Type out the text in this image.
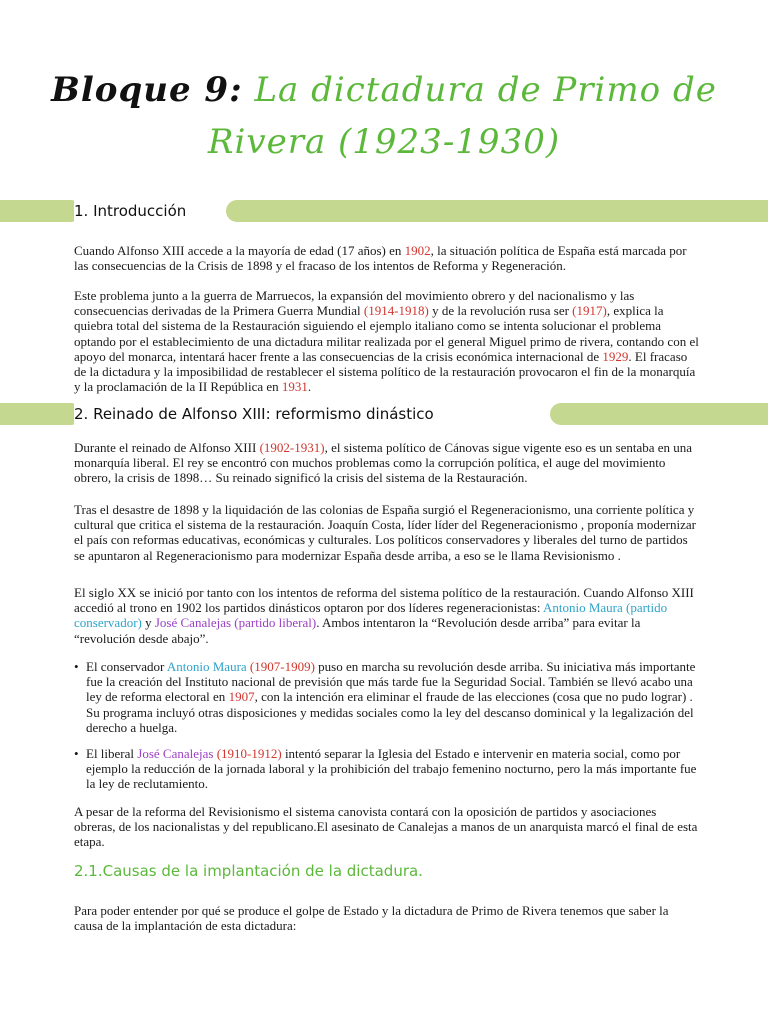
Bloque 9: La dictadura de Primo de
Rivera (1923-1930)
1. Introducción

Cuando Alfonso XIII accede a la mayoría de edad (17 años) en 1902, la situación política de España está marcada por las consecuencias de la Crisis de 1898 y el fracaso de los intentos de Reforma y Regeneración.

Este problema junto a la guerra de Marruecos, la expansión del movimiento obrero y del nacionalismo y las consecuencias derivadas de la Primera Guerra Mundial (1914-1918) y de la revolución rusa ser (1917), explica la quiebra total del sistema de la Restauración siguiendo el ejemplo italiano como se intenta solucionar el problema optando por el establecimiento de una dictadura militar realizada por el general Miguel primo de rivera, contando con el apoyo del monarca, intentará hacer frente a las consecuencias de la crisis económica internacional de 1929. El fracaso de la dictadura y la imposibilidad de restablecer el sistema político de la restauración provocaron el fin de la monarquía y la proclamación de la II República en 1931.

2. Reinado de Alfonso XIII: reformismo dinástico

Durante el reinado de Alfonso XIII (1902-1931), el sistema político de Cánovas sigue vigente eso es un sentaba en una monarquía liberal. El rey se encontró con muchos problemas como la corrupción política, el auge del movimiento obrero, la crisis de 1898… Su reinado significó la crisis del sistema de la Restauración.

Tras el desastre de 1898 y la liquidación de las colonias de España surgió el Regeneracionismo, una corriente política y cultural que critica el sistema de la restauración. Joaquín Costa, líder líder del Regeneracionismo , proponía modernizar el país con reformas educativas, económicas y culturales. Los políticos conservadores y liberales del turno de partidos se apuntaron al Regeneracionismo para modernizar España desde arriba, a eso se le llama Revisionismo .

El siglo XX se inició por tanto con los intentos de reforma del sistema político de la restauración. Cuando Alfonso XIII accedió al trono en 1902 los partidos dinásticos optaron por dos líderes regeneracionistas: Antonio Maura (partido conservador) y José Canalejas (partido liberal). Ambos intentaron la “Revolución desde arriba” para evitar la “revolución desde abajo”.

• El conservador Antonio Maura (1907-1909) puso en marcha su revolución desde arriba. Su iniciativa más importante fue la creación del Instituto nacional de previsión que más tarde fue la Seguridad Social. También se llevó acabo una ley de reforma electoral en 1907, con la intención era eliminar el fraude de las elecciones (cosa que no pudo lograr) . Su programa incluyó otras disposiciones y medidas sociales como la ley del descanso dominical y la legalización del derecho a huelga.
• El liberal José Canalejas (1910-1912) intentó separar la Iglesia del Estado e intervenir en materia social, como por ejemplo la reducción de la jornada laboral y la prohibición del trabajo femenino nocturno, pero la más importante fue la ley de reclutamiento.

A pesar de la reforma del Revisionismo el sistema canovista contará con la oposición de partidos y asociaciones obreras, de los nacionalistas y del republicano.El asesinato de Canalejas a manos de un anarquista marcó el final de esta etapa.

2.1.Causas de la implantación de la dictadura.

Para poder entender por qué se produce el golpe de Estado y la dictadura de Primo de Rivera tenemos que saber la causa de la implantación de esta dictadura:
